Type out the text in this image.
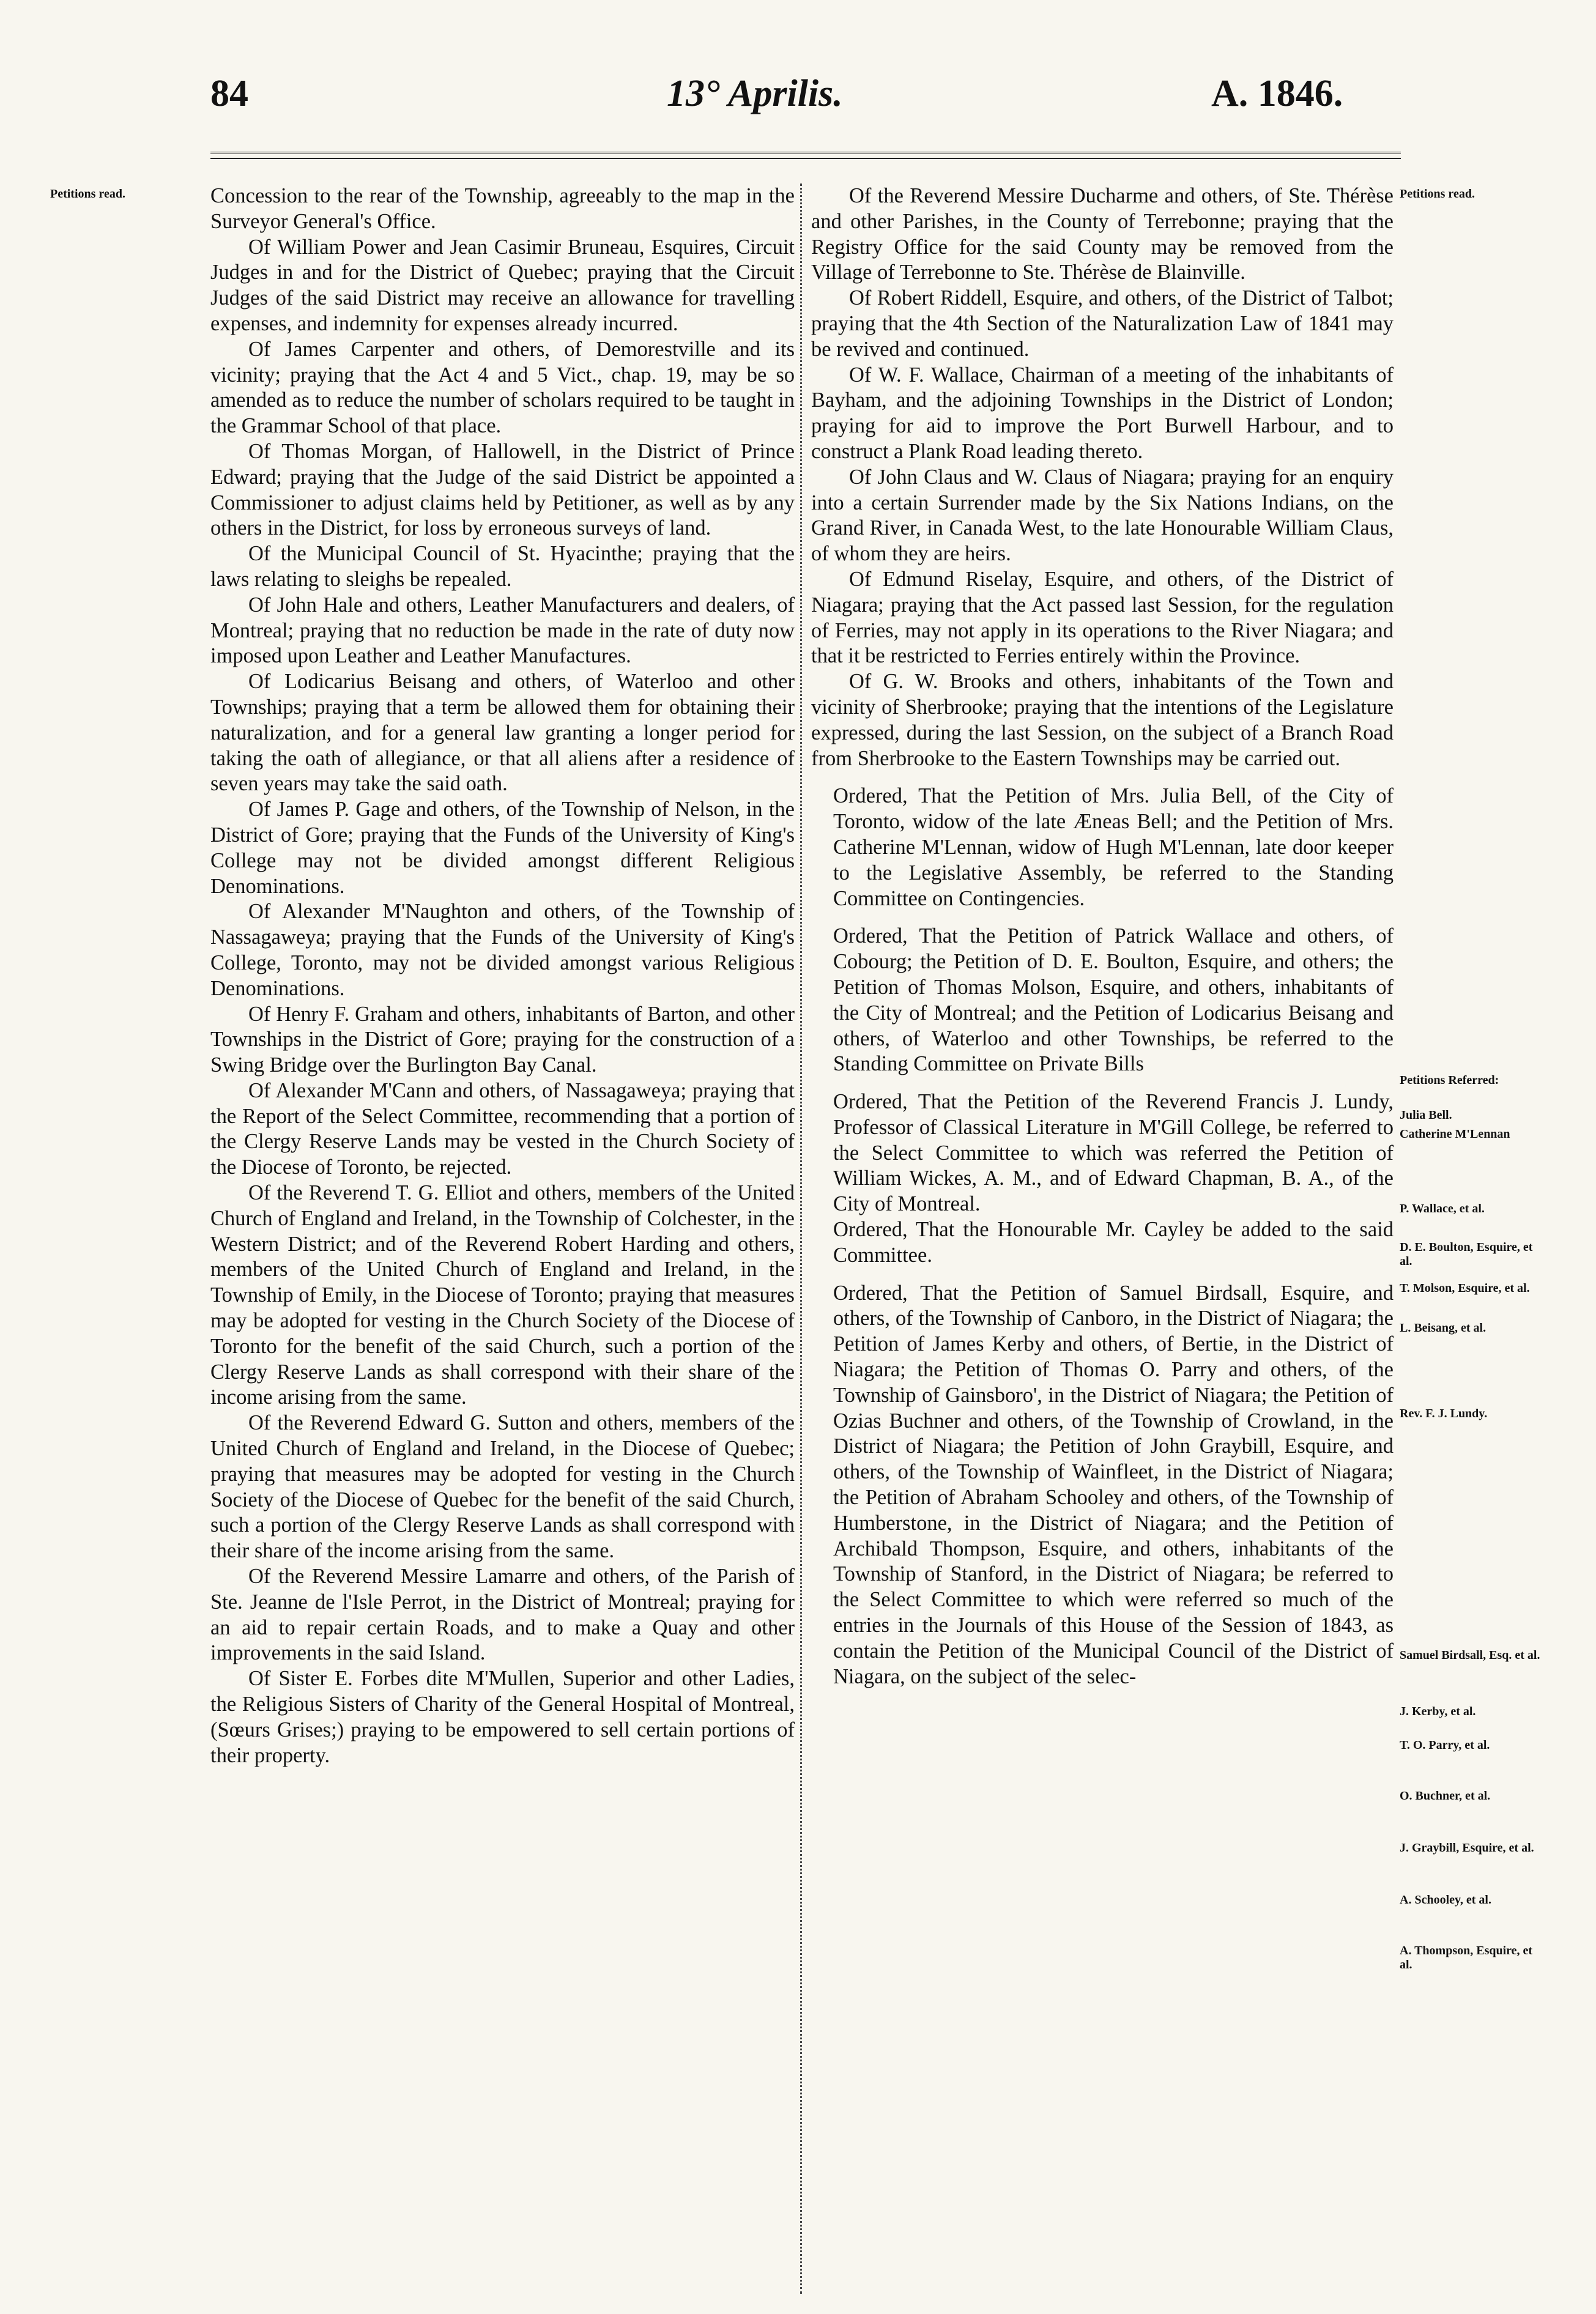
84	13° Aprilis.	A. 1846.
Petitions read.	Petitions read.
Petitions Referred:
Julia Bell.
Catherine M'Lennan
P. Wallace, et al.
D. E. Boulton, Esquire, et al.
T. Molson, Esquire, et al.
L. Beisang, et al.
Rev. F. J. Lundy.
Samuel Birdsall, Esq. et al.
J. Kerby, et al.
T. O. Parry, et al.
O. Buchner, et al.
J. Graybill, Esquire, et al.
A. Schooley, et al.
A. Thompson, Esquire, et al.

Concession to the rear of the Township, agreeably to the map in the Surveyor General's Office.

Of William Power and Jean Casimir Bruneau, Esquires, Circuit Judges in and for the District of Quebec; praying that the Circuit Judges of the said District may receive an allowance for travelling expenses, and indemnity for expenses already incurred.

Of James Carpenter and others, of Demorestville and its vicinity; praying that the Act 4 and 5 Vict., chap. 19, may be so amended as to reduce the number of scholars required to be taught in the Grammar School of that place.

Of Thomas Morgan, of Hallowell, in the District of Prince Edward; praying that the Judge of the said District be appointed a Commissioner to adjust claims held by Petitioner, as well as by any others in the District, for loss by erroneous surveys of land.

Of the Municipal Council of St. Hyacinthe; praying that the laws relating to sleighs be repealed.

Of John Hale and others, Leather Manufacturers and dealers, of Montreal; praying that no reduction be made in the rate of duty now imposed upon Leather and Leather Manufactures.

Of Lodicarius Beisang and others, of Waterloo and other Townships; praying that a term be allowed them for obtaining their naturalization, and for a general law granting a longer period for taking the oath of allegiance, or that all aliens after a residence of seven years may take the said oath.

Of James P. Gage and others, of the Township of Nelson, in the District of Gore; praying that the Funds of the University of King's College may not be divided amongst different Religious Denominations.

Of Alexander M'Naughton and others, of the Township of Nassagaweya; praying that the Funds of the University of King's College, Toronto, may not be divided amongst various Religious Denominations.

Of Henry F. Graham and others, inhabitants of Barton, and other Townships in the District of Gore; praying for the construction of a Swing Bridge over the Burlington Bay Canal.

Of Alexander M'Cann and others, of Nassagaweya; praying that the Report of the Select Committee, recommending that a portion of the Clergy Reserve Lands may be vested in the Church Society of the Diocese of Toronto, be rejected.

Of the Reverend T. G. Elliot and others, members of the United Church of England and Ireland, in the Township of Colchester, in the Western District; and of the Reverend Robert Harding and others, members of the United Church of England and Ireland, in the Township of Emily, in the Diocese of Toronto; praying that measures may be adopted for vesting in the Church Society of the Diocese of Toronto for the benefit of the said Church, such a portion of the Clergy Reserve Lands as shall correspond with their share of the income arising from the same.

Of the Reverend Edward G. Sutton and others, members of the United Church of England and Ireland, in the Diocese of Quebec; praying that measures may be adopted for vesting in the Church Society of the Diocese of Quebec for the benefit of the said Church, such a portion of the Clergy Reserve Lands as shall correspond with their share of the income arising from the same.

Of the Reverend Messire Lamarre and others, of the Parish of Ste. Jeanne de l'Isle Perrot, in the District of Montreal; praying for an aid to repair certain Roads, and to make a Quay and other improvements in the said Island.

Of Sister E. Forbes dite M'Mullen, Superior and other Ladies, the Religious Sisters of Charity of the General Hospital of Montreal, (Sœurs Grises;) praying to be empowered to sell certain portions of their property.

Of the Reverend Messire Ducharme and others, of Ste. Thérèse and other Parishes, in the County of Terrebonne; praying that the Registry Office for the said County may be removed from the Village of Terrebonne to Ste. Thérèse de Blainville.

Of Robert Riddell, Esquire, and others, of the District of Talbot; praying that the 4th Section of the Naturalization Law of 1841 may be revived and continued.

Of W. F. Wallace, Chairman of a meeting of the inhabitants of Bayham, and the adjoining Townships in the District of London; praying for aid to improve the Port Burwell Harbour, and to construct a Plank Road leading thereto.

Of John Claus and W. Claus of Niagara; praying for an enquiry into a certain Surrender made by the Six Nations Indians, on the Grand River, in Canada West, to the late Honourable William Claus, of whom they are heirs.

Of Edmund Riselay, Esquire, and others, of the District of Niagara; praying that the Act passed last Session, for the regulation of Ferries, may not apply in its operations to the River Niagara; and that it be restricted to Ferries entirely within the Province.

Of G. W. Brooks and others, inhabitants of the Town and vicinity of Sherbrooke; praying that the intentions of the Legislature expressed, during the last Session, on the subject of a Branch Road from Sherbrooke to the Eastern Townships may be carried out.

Ordered, That the Petition of Mrs. Julia Bell, of the City of Toronto, widow of the late Æneas Bell; and the Petition of Mrs. Catherine M'Lennan, widow of Hugh M'Lennan, late door keeper to the Legislative Assembly, be referred to the Standing Committee on Contingencies.

Ordered, That the Petition of Patrick Wallace and others, of Cobourg; the Petition of D. E. Boulton, Esquire, and others; the Petition of Thomas Molson, Esquire, and others, inhabitants of the City of Montreal; and the Petition of Lodicarius Beisang and others, of Waterloo and other Townships, be referred to the Standing Committee on Private Bills

Ordered, That the Petition of the Reverend Francis J. Lundy, Professor of Classical Literature in M'Gill College, be referred to the Select Committee to which was referred the Petition of William Wickes, A. M., and of Edward Chapman, B. A., of the City of Montreal.

Ordered, That the Honourable Mr. Cayley be added to the said Committee.

Ordered, That the Petition of Samuel Birdsall, Esquire, and others, of the Township of Canboro, in the District of Niagara; the Petition of James Kerby and others, of Bertie, in the District of Niagara; the Petition of Thomas O. Parry and others, of the Township of Gainsboro', in the District of Niagara; the Petition of Ozias Buchner and others, of the Township of Crowland, in the District of Niagara; the Petition of John Graybill, Esquire, and others, of the Township of Wainfleet, in the District of Niagara; the Petition of Abraham Schooley and others, of the Township of Humberstone, in the District of Niagara; and the Petition of Archibald Thompson, Esquire, and others, inhabitants of the Township of Stanford, in the District of Niagara; be referred to the Select Committee to which were referred so much of the entries in the Journals of this House of the Session of 1843, as contain the Petition of the Municipal Council of the District of Niagara, on the subject of the selec-
